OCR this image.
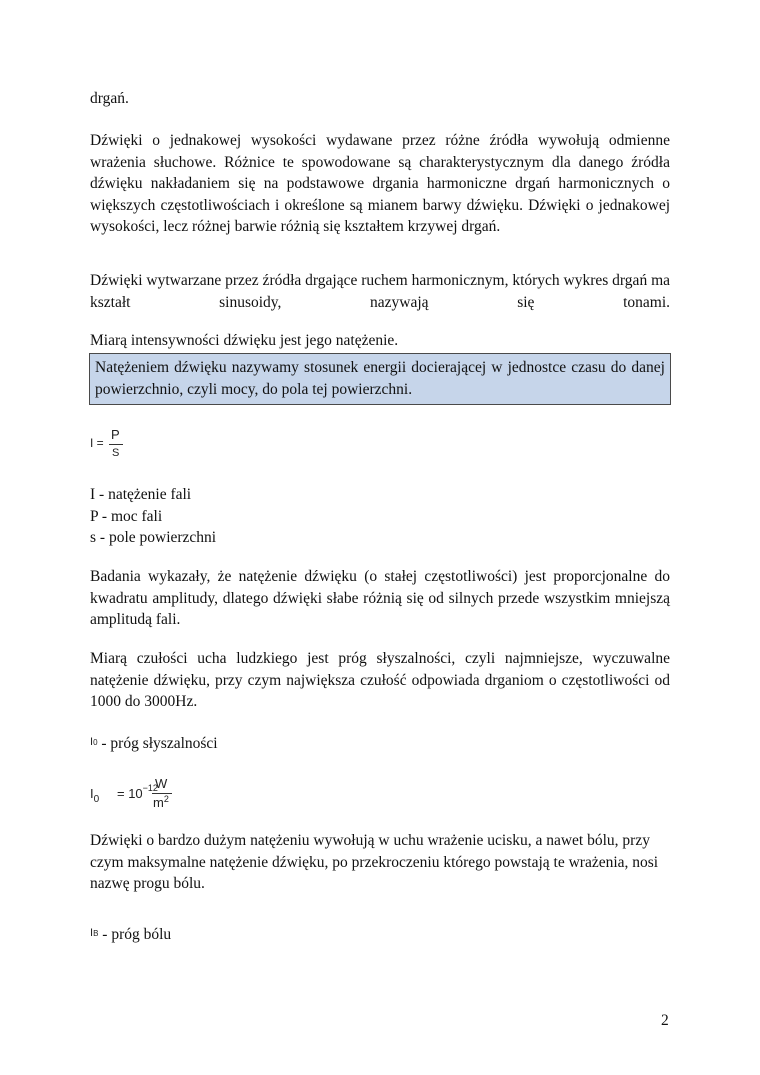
drgań.

Dźwięki o jednakowej wysokości wydawane przez różne źródła wywołują odmienne wrażenia słuchowe. Różnice te spowodowane są charakterystycznym dla danego źródła dźwięku nakładaniem się na podstawowe drgania harmoniczne drgań harmonicznych o większych częstotliwościach i określone są mianem barwy dźwięku. Dźwięki o jednakowej wysokości, lecz różnej barwie różnią się kształtem krzywej drgań.

Dźwięki wytwarzane przez źródła drgające ruchem harmonicznym, których wykres drgań ma kształt sinusoidy, nazywają się tonami.

Miarą intensywności dźwięku jest jego natężenie.

Natężeniem dźwięku nazywamy stosunek energii docierającej w jednostce czasu do danej powierzchnio, czyli mocy, do pola tej powierzchni.
I =
P
S
I - natężenie fali
P - moc fali
s - pole powierzchni

Badania wykazały, że natężenie dźwięku (o stałej częstotliwości) jest proporcjonalne do kwadratu amplitudy, dlatego dźwięki słabe różnią się od silnych przede wszystkim mniejszą amplitudą fali.

Miarą czułości ucha ludzkiego jest próg słyszalności, czyli najmniejsze, wyczuwalne natężenie dźwięku, przy czym największa czułość odpowiada drganiom o częstotliwości od 1000 do 3000Hz.

I0 - próg słyszalności
$I_0 = 10^{-12}$
W
$m^2$

Dźwięki o bardzo dużym natężeniu wywołują w uchu wrażenie ucisku, a nawet bólu, przy czym maksymalne natężenie dźwięku, po przekroczeniu którego powstają te wrażenia, nosi nazwę progu bólu.

IB - próg bólu
2
